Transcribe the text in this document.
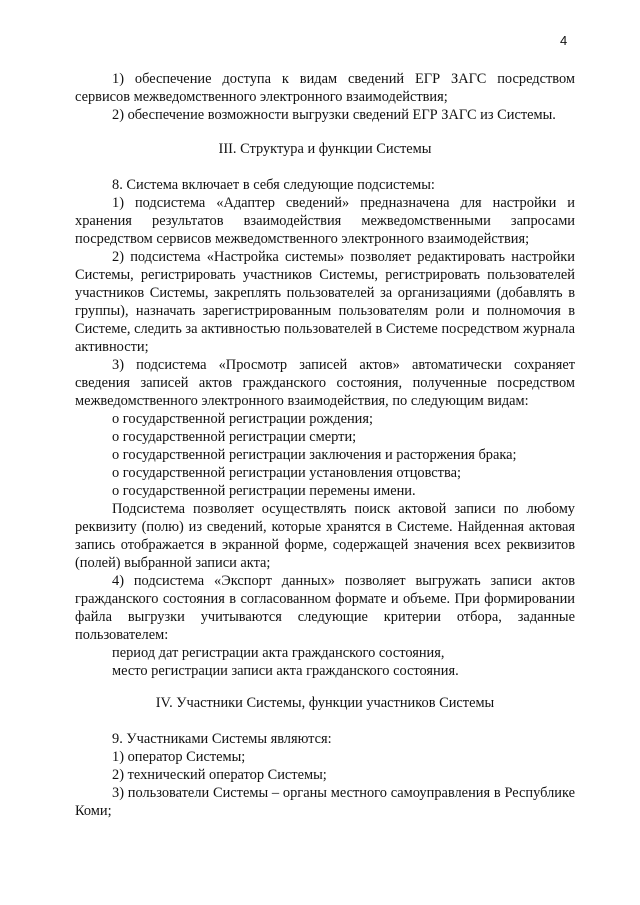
4

1) обеспечение доступа к видам сведений ЕГР ЗАГС посредством сервисов межведомственного электронного взаимодействия;

2) обеспечение возможности выгрузки сведений ЕГР ЗАГС из Системы.

III. Структура и функции Системы

8. Система включает в себя следующие подсистемы:

1) подсистема «Адаптер сведений» предназначена для настройки и хранения результатов взаимодействия межведомственными запросами посредством сервисов межведомственного электронного взаимодействия;

2) подсистема «Настройка системы» позволяет редактировать настройки Системы, регистрировать участников Системы, регистрировать пользователей участников Системы, закреплять пользователей за организациями (добавлять в группы), назначать зарегистрированным пользователям роли и полномочия в Системе, следить за активностью пользователей в Системе посредством журнала активности;

3) подсистема «Просмотр записей актов» автоматически сохраняет сведения записей актов гражданского состояния, полученные посредством межведомственного электронного взаимодействия, по следующим видам:

о государственной регистрации рождения;

о государственной регистрации смерти;

о государственной регистрации заключения и расторжения брака;

о государственной регистрации установления отцовства;

о государственной регистрации перемены имени.

Подсистема позволяет осуществлять поиск актовой записи по любому реквизиту (полю) из сведений, которые хранятся в Системе. Найденная актовая запись отображается в экранной форме, содержащей значения всех реквизитов (полей) выбранной записи акта;

4) подсистема «Экспорт данных» позволяет выгружать записи актов гражданского состояния в согласованном формате и объеме. При формировании файла выгрузки учитываются следующие критерии отбора, заданные пользователем:

период дат регистрации акта гражданского состояния,

место регистрации записи акта гражданского состояния.

IV. Участники Системы, функции участников Системы

9. Участниками Системы являются:

1) оператор Системы;

2) технический оператор Системы;

3) пользователи Системы – органы местного самоуправления в Республике Коми;
